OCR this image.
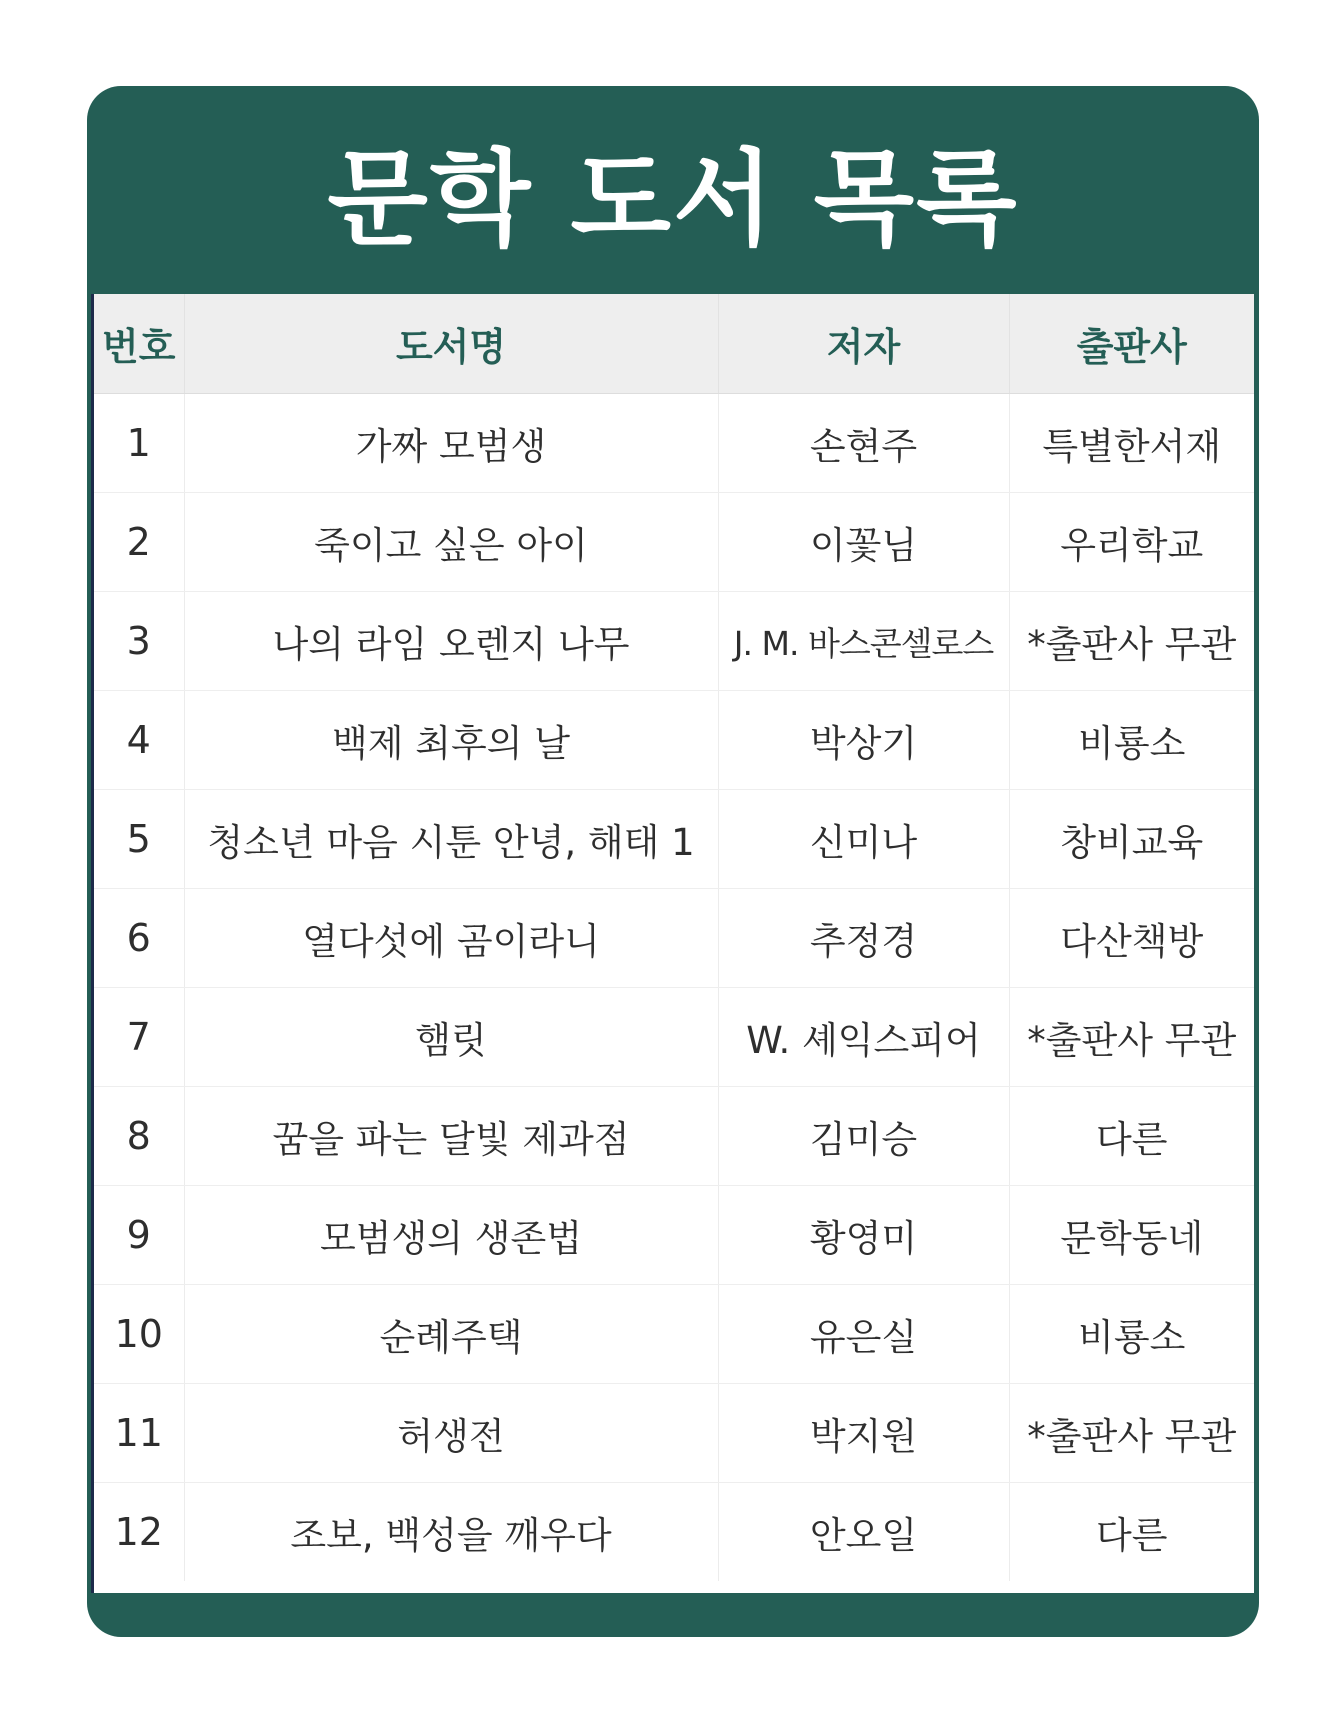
문학 도서 목록
번호	도서명	저자	출판사
1	가짜 모범생	손현주	특별한서재
2	죽이고 싶은 아이	이꽃님	우리학교
3	나의 라임 오렌지 나무	J. M. 바스콘셀로스	*출판사 무관
4	백제 최후의 날	박상기	비룡소
5	청소년 마음 시툰 안녕, 해태 1	신미나	창비교육
6	열다섯에 곰이라니	추정경	다산책방
7	햄릿	W. 셰익스피어	*출판사 무관
8	꿈을 파는 달빛 제과점	김미승	다른
9	모범생의 생존법	황영미	문학동네
10	순례주택	유은실	비룡소
11	허생전	박지원	*출판사 무관
12	조보, 백성을 깨우다	안오일	다른
